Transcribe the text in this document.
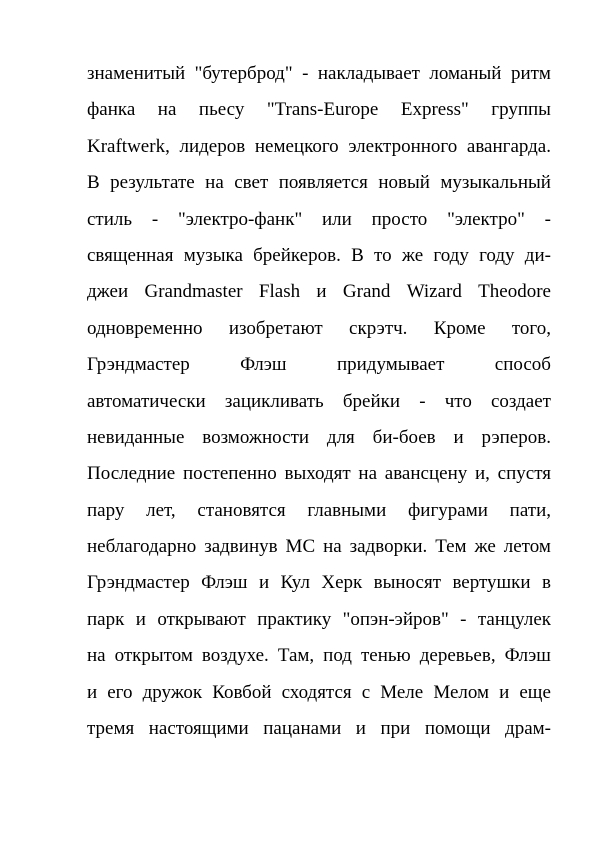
знаменитый "бутерброд" - накладывает ломаный ритм
фанка на пьесу "Trans-Europe Express" группы
Kraftwerk, лидеров немецкого электронного авангарда.
В результате на свет появляется новый музыкальный
стиль - "электро-фанк" или просто "электро" -
священная музыка брейкеров. В то же году году ди-
джеи Grandmaster Flash и Grand Wizard Theodore
одновременно изобретают скрэтч. Кроме того,
Грэндмастер	Флэш	придумывает	способ
автоматически зацикливать брейки - что создает
невиданные возможности для би-боев и рэперов.
Последние постепенно выходят на авансцену и, спустя
пару лет, становятся главными фигурами пати,
неблагодарно задвинув МС на задворки. Тем же летом
Грэндмастер Флэш и Кул Херк выносят вертушки в
парк и открывают практику "опэн-эйров" - танцулек
на открытом воздухе. Там, под тенью деревьев, Флэш
и его дружок Ковбой сходятся с Меле Мелом и еще
тремя настоящими пацанами и при помощи драм-
